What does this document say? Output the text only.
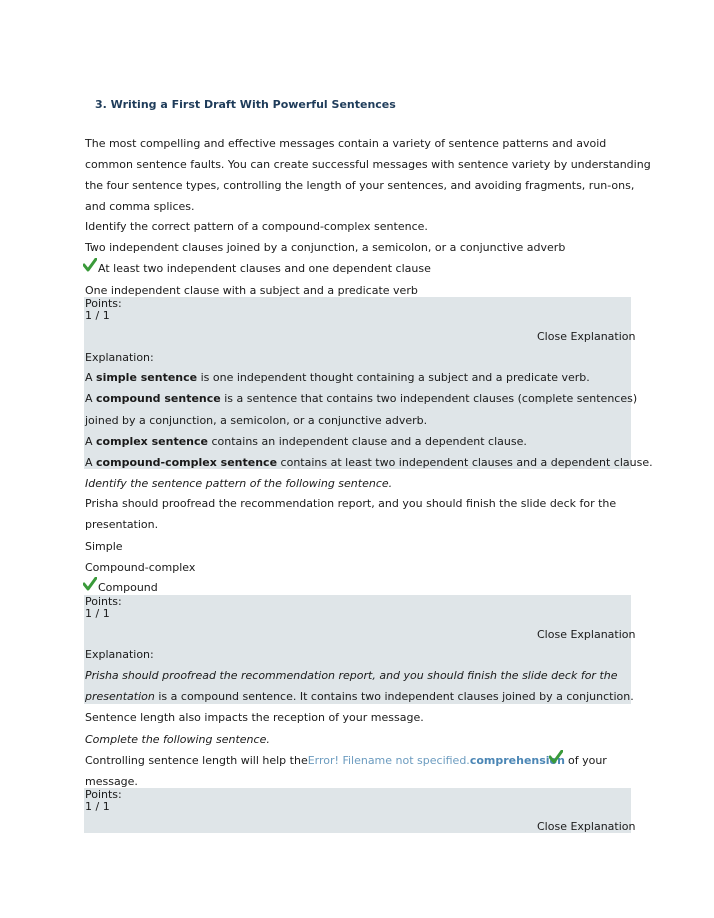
3. Writing a First Draft With Powerful Sentences
The most compelling and effective messages contain a variety of sentence patterns and avoid
common sentence faults. You can create successful messages with sentence variety by understanding
the four sentence types, controlling the length of your sentences, and avoiding fragments, run-ons,
and comma splices.
Identify the correct pattern of a compound-complex sentence.
Two independent clauses joined by a conjunction, a semicolon, or a conjunctive adverb
At least two independent clauses and one dependent clause
One independent clause with a subject and a predicate verb
Points:
1 / 1
Close Explanation
Explanation:
A simple sentence is one independent thought containing a subject and a predicate verb.
A compound sentence is a sentence that contains two independent clauses (complete sentences)
joined by a conjunction, a semicolon, or a conjunctive adverb.
A complex sentence contains an independent clause and a dependent clause.
A compound-complex sentence contains at least two independent clauses and a dependent clause.
Identify the sentence pattern of the following sentence.
Prisha should proofread the recommendation report, and you should finish the slide deck for the
presentation.
Simple
Compound-complex
Compound
Points:
1 / 1
Close Explanation
Explanation:
Prisha should proofread the recommendation report, and you should finish the slide deck for the
presentation is a compound sentence. It contains two independent clauses joined by a conjunction.
Sentence length also impacts the reception of your message.
Complete the following sentence.
Controlling sentence length will help theError! Filename not specified.comprehension of your
message.
Points:
1 / 1
Close Explanation
